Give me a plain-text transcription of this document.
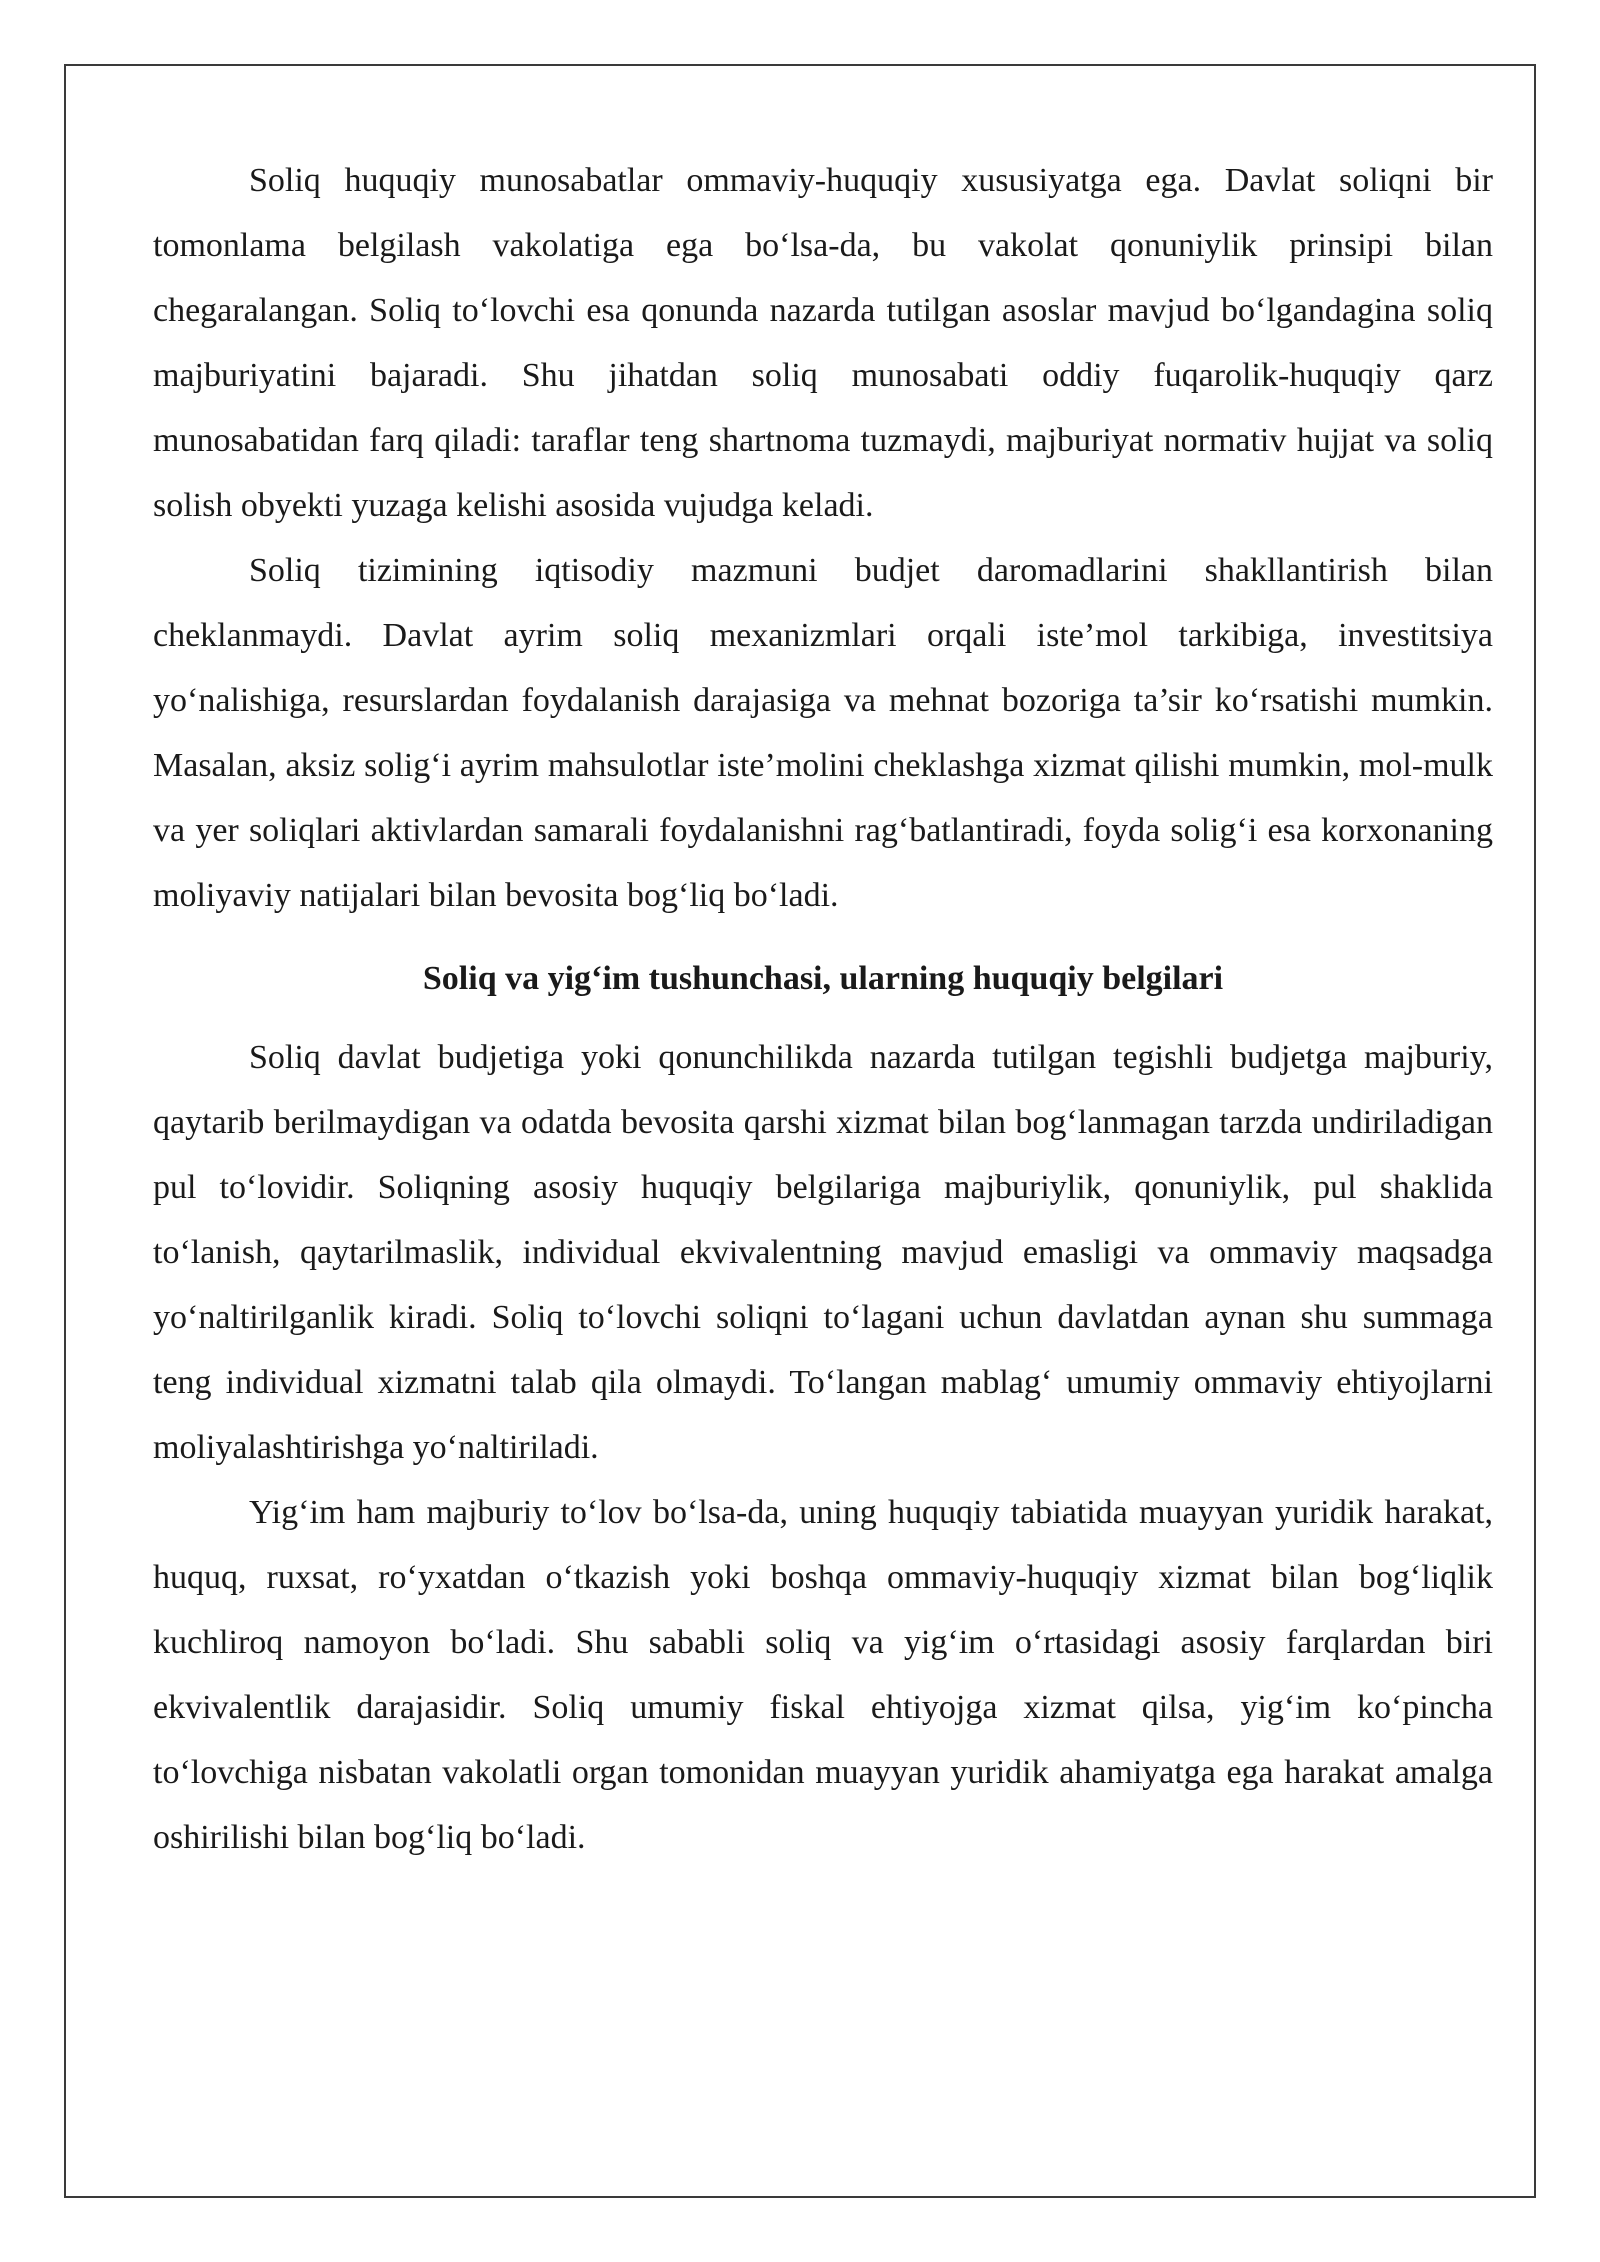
Soliq huquqiy munosabatlar ommaviy-huquqiy xususiyatga ega. Davlat soliqni bir tomonlama belgilash vakolatiga ega bo‘lsa-da, bu vakolat qonuniylik prinsipi bilan chegaralangan. Soliq to‘lovchi esa qonunda nazarda tutilgan asoslar mavjud bo‘lgandagina soliq majburiyatini bajaradi. Shu jihatdan soliq munosabati oddiy fuqarolik-huquqiy qarz munosabatidan farq qiladi: taraflar teng shartnoma tuzmaydi, majburiyat normativ hujjat va soliq solish obyekti yuzaga kelishi asosida vujudga keladi.

Soliq tizimining iqtisodiy mazmuni budjet daromadlarini shakllantirish bilan cheklanmaydi. Davlat ayrim soliq mexanizmlari orqali iste’mol tarkibiga, investitsiya yo‘nalishiga, resurslardan foydalanish darajasiga va mehnat bozoriga ta’sir ko‘rsatishi mumkin. Masalan, aksiz solig‘i ayrim mahsulotlar iste’molini cheklashga xizmat qilishi mumkin, mol-mulk va yer soliqlari aktivlardan samarali foydalanishni rag‘batlantiradi, foyda solig‘i esa korxonaning moliyaviy natijalari bilan bevosita bog‘liq bo‘ladi.

Soliq va yig‘im tushunchasi, ularning huquqiy belgilari

Soliq davlat budjetiga yoki qonunchilikda nazarda tutilgan tegishli budjetga majburiy, qaytarib berilmaydigan va odatda bevosita qarshi xizmat bilan bog‘lanmagan tarzda undiriladigan pul to‘lovidir. Soliqning asosiy huquqiy belgilariga majburiylik, qonuniylik, pul shaklida to‘lanish, qaytarilmaslik, individual ekvivalentning mavjud emasligi va ommaviy maqsadga yo‘naltirilganlik kiradi. Soliq to‘lovchi soliqni to‘lagani uchun davlatdan aynan shu summaga teng individual xizmatni talab qila olmaydi. To‘langan mablag‘ umumiy ommaviy ehtiyojlarni moliyalashtirishga yo‘naltiriladi.

Yig‘im ham majburiy to‘lov bo‘lsa-da, uning huquqiy tabiatida muayyan yuridik harakat, huquq, ruxsat, ro‘yxatdan o‘tkazish yoki boshqa ommaviy-huquqiy xizmat bilan bog‘liqlik kuchliroq namoyon bo‘ladi. Shu sababli soliq va yig‘im o‘rtasidagi asosiy farqlardan biri ekvivalentlik darajasidir. Soliq umumiy fiskal ehtiyojga xizmat qilsa, yig‘im ko‘pincha to‘lovchiga nisbatan vakolatli organ tomonidan muayyan yuridik ahamiyatga ega harakat amalga oshirilishi bilan bog‘liq bo‘ladi.
